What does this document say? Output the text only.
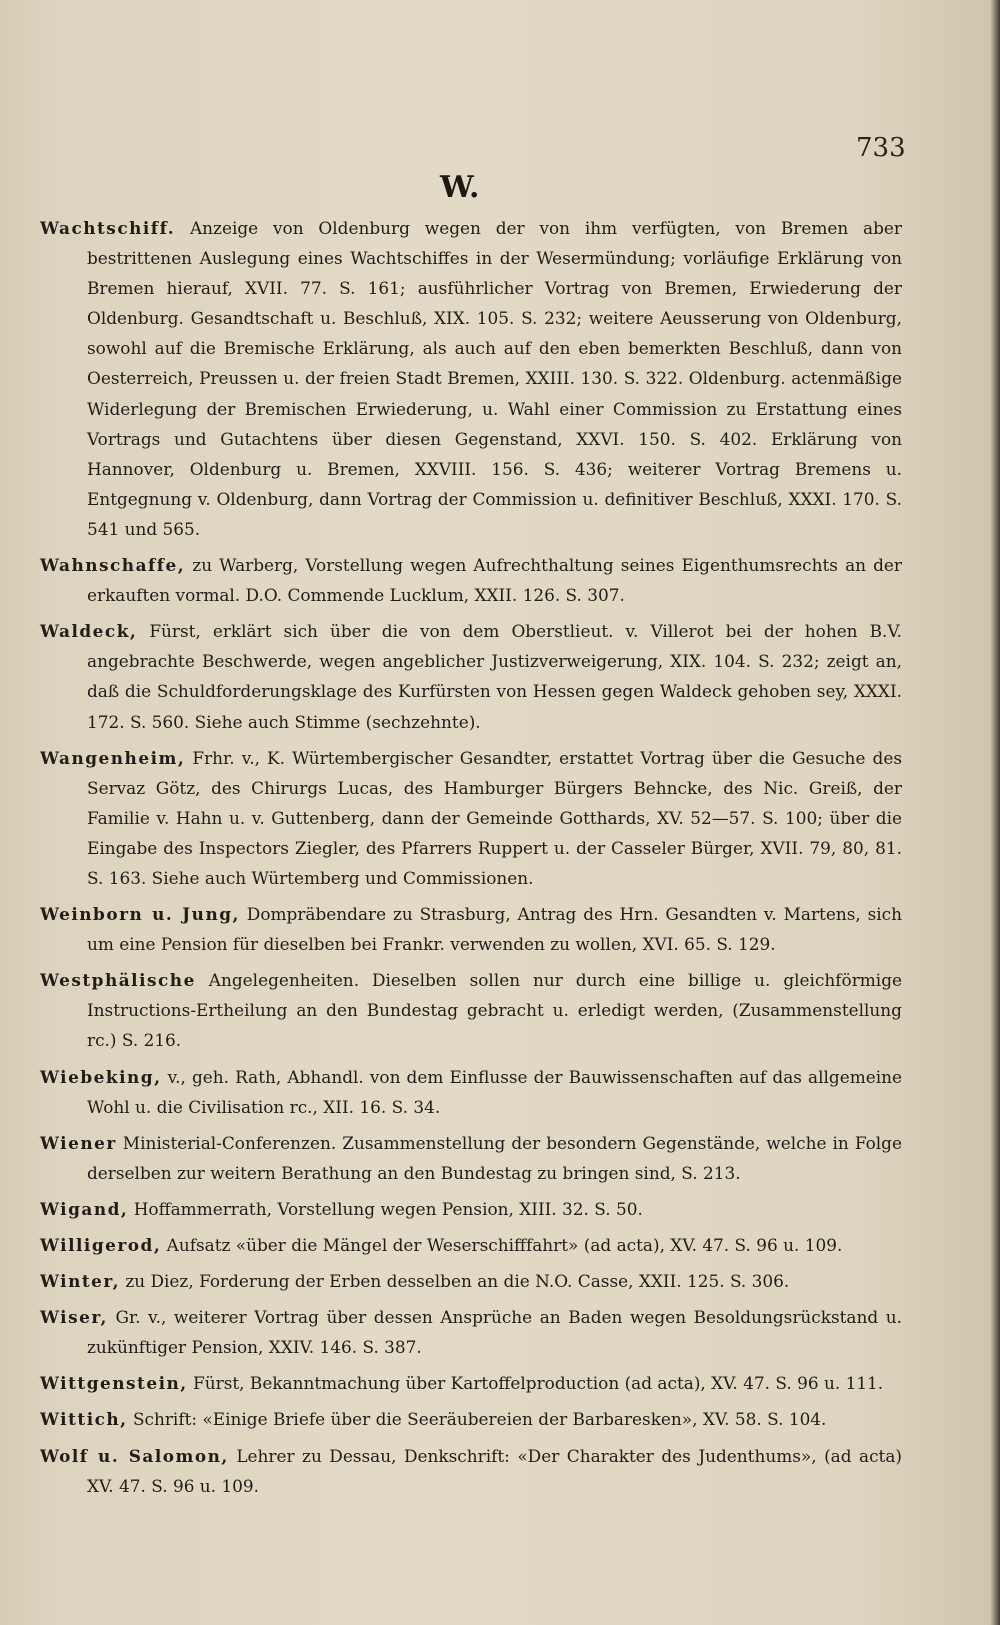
733
W.

Wachtschiff. Anzeige von Oldenburg wegen der von ihm verfügten, von Bremen aber bestrittenen Auslegung eines Wachtschiffes in der Wesermündung; vorläufige Erklärung von Bremen hierauf, XVII. 77. S. 161; ausführlicher Vortrag von Bremen, Erwiederung der Oldenburg. Gesandtschaft u. Beschluß, XIX. 105. S. 232; weitere Aeusserung von Oldenburg, sowohl auf die Bremische Erklärung, als auch auf den eben bemerkten Beschluß, dann von Oesterreich, Preussen u. der freien Stadt Bremen, XXIII. 130. S. 322. Oldenburg. actenmäßige Widerlegung der Bremischen Erwiederung, u. Wahl einer Commission zu Erstattung eines Vortrags und Gutachtens über diesen Gegenstand, XXVI. 150. S. 402. Erklärung von Hannover, Oldenburg u. Bremen, XXVIII. 156. S. 436; weiterer Vortrag Bremens u. Entgegnung v. Oldenburg, dann Vortrag der Commission u. definitiver Beschluß, XXXI. 170. S. 541 und 565.

Wahnschaffe, zu Warberg, Vorstellung wegen Aufrechthaltung seines Eigenthumsrechts an der erkauften vormal. D.O. Commende Lucklum, XXII. 126. S. 307.

Waldeck, Fürst, erklärt sich über die von dem Oberstlieut. v. Villerot bei der hohen B.V. angebrachte Beschwerde, wegen angeblicher Justizverweigerung, XIX. 104. S. 232; zeigt an, daß die Schuldforderungsklage des Kurfürsten von Hessen gegen Waldeck gehoben sey, XXXI. 172. S. 560. Siehe auch Stimme (sechzehnte).

Wangenheim, Frhr. v., K. Würtembergischer Gesandter, erstattet Vortrag über die Gesuche des Servaz Götz, des Chirurgs Lucas, des Hamburger Bürgers Behncke, des Nic. Greiß, der Familie v. Hahn u. v. Guttenberg, dann der Gemeinde Gotthards, XV. 52—57. S. 100; über die Eingabe des Inspectors Ziegler, des Pfarrers Ruppert u. der Casseler Bürger, XVII. 79, 80, 81. S. 163. Siehe auch Würtemberg und Commissionen.

Weinborn u. Jung, Dompräbendare zu Strasburg, Antrag des Hrn. Gesandten v. Martens, sich um eine Pension für dieselben bei Frankr. verwenden zu wollen, XVI. 65. S. 129.

Westphälische Angelegenheiten. Dieselben sollen nur durch eine billige u. gleichförmige Instructions-Ertheilung an den Bundestag gebracht u. erledigt werden, (Zusammenstellung rc.) S. 216.

Wiebeking, v., geh. Rath, Abhandl. von dem Einflusse der Bauwissenschaften auf das allgemeine Wohl u. die Civilisation rc., XII. 16. S. 34.

Wiener Ministerial-Conferenzen. Zusammenstellung der besondern Gegenstände, welche in Folge derselben zur weitern Berathung an den Bundestag zu bringen sind, S. 213.

Wigand, Hoffammerrath, Vorstellung wegen Pension, XIII. 32. S. 50.

Willigerod, Aufsatz «über die Mängel der Weserschifffahrt» (ad acta), XV. 47. S. 96 u. 109.

Winter, zu Diez, Forderung der Erben desselben an die N.O. Casse, XXII. 125. S. 306.

Wiser, Gr. v., weiterer Vortrag über dessen Ansprüche an Baden wegen Besoldungsrückstand u. zukünftiger Pension, XXIV. 146. S. 387.

Wittgenstein, Fürst, Bekanntmachung über Kartoffelproduction (ad acta), XV. 47. S. 96 u. 111.

Wittich, Schrift: «Einige Briefe über die Seeräubereien der Barbaresken», XV. 58. S. 104.

Wolf u. Salomon, Lehrer zu Dessau, Denkschrift: «Der Charakter des Judenthums», (ad acta) XV. 47. S. 96 u. 109.
